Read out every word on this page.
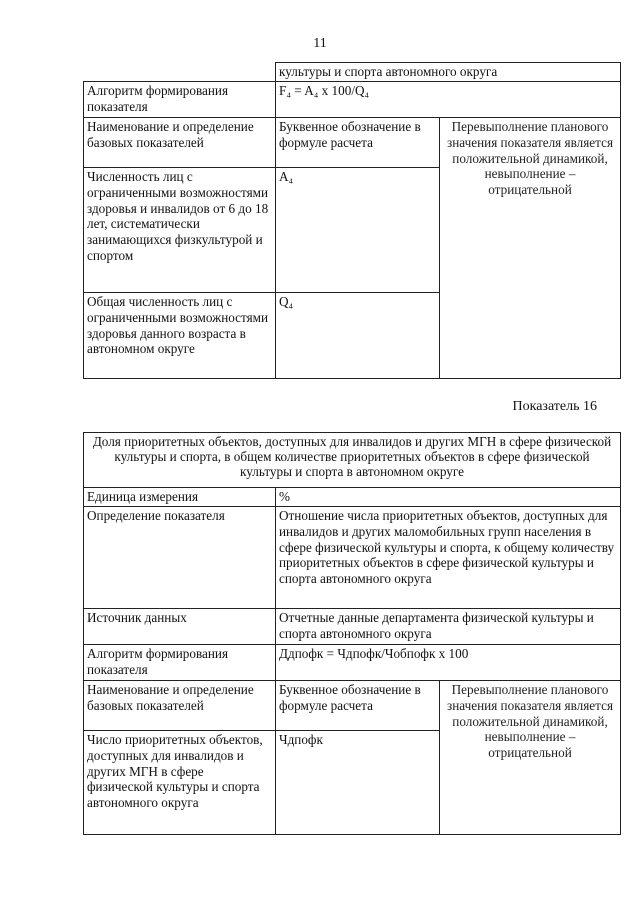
11
	культуры и спорта автономного округа	
Алгоритм формирования показателя	F₄ = A₄ x 100/Q₄	
Наименование и определение базовых показателей	Буквенное обозначение в формуле расчета	Перевыполнение планового значения показателя является положительной динамикой, невыполнение – отрицательной
Численность лиц с ограниченными возможностями здоровья и инвалидов от 6 до 18 лет, систематически занимающихся физкультурой и спортом	A₄	
Общая численность лиц с ограниченными возможностями здоровья данного возраста в автономном округе	Q₄	
Показатель 16
Доля приоритетных объектов, доступных для инвалидов и других МГН в сфере физической культуры и спорта, в общем количестве приоритетных объектов в сфере физической культуры и спорта в автономном округе		
Единица измерения	%	
Определение показателя	Отношение числа приоритетных объектов, доступных для инвалидов и других маломобильных групп населения в сфере физической культуры и спорта, к общему количеству приоритетных объектов в сфере физической культуры и спорта автономного округа	
Источник данных	Отчетные данные департамента физической культуры и спорта автономного округа	
Алгоритм формирования показателя	Ддпофк = Чдпофк/Чобпофк x 100	
Наименование и определение базовых показателей	Буквенное обозначение в формуле расчета	Перевыполнение планового значения показателя является положительной динамикой, невыполнение – отрицательной
Число приоритетных объектов, доступных для инвалидов и других МГН в сфере физической культуры и спорта автономного округа	Чдпофк	
